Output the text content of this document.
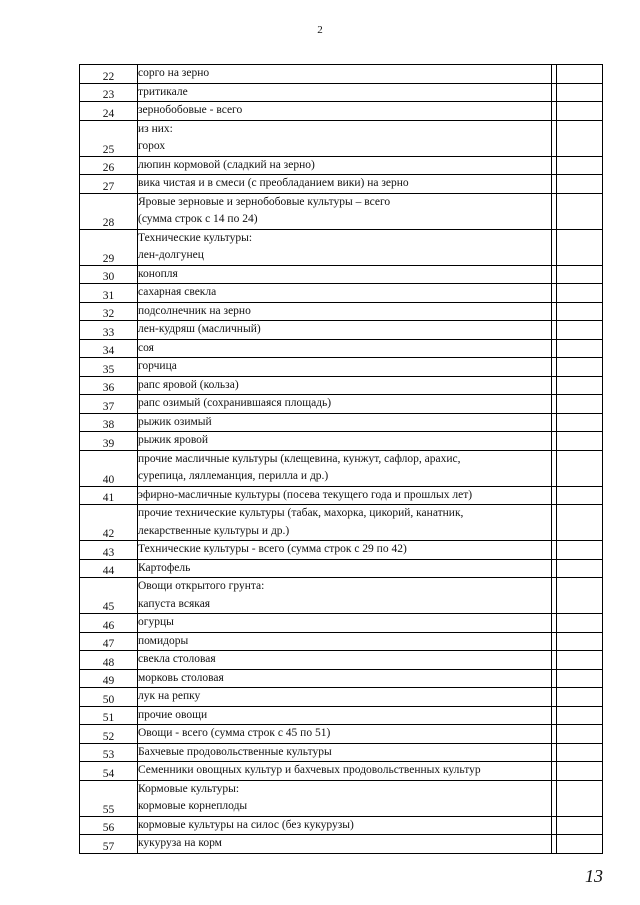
2
22	сорго на зерно		

23	тритикале		

24	зернобобовые - всего		

25	из них:
горох		

26	люпин кормовой (сладкий на зерно)		

27	вика чистая и в смеси (с преобладанием вики) на зерно		

28	Яровые зерновые и зернобобовые культуры – всего
(сумма строк с 14 по 24)		

29	Технические культуры:
лен-долгунец		

30	конопля		

31	сахарная свекла		

32	подсолнечник на зерно		

33	лен-кудряш (масличный)		

34	соя		

35	горчица		

36	рапс яровой (кольза)		

37	рапс озимый (сохранившаяся площадь)		

38	рыжик озимый		

39	рыжик яровой		

40	прочие масличные культуры (клещевина, кунжут, сафлор, арахис,
сурепица, ляллеманция, перилла и др.)		

41	эфирно-масличные культуры (посева текущего года и прошлых лет)		

42	прочие технические культуры (табак, махорка, цикорий, канатник,
лекарственные культуры и др.)		

43	Технические культуры - всего (сумма строк с 29 по 42)		

44	Картофель		

45	Овощи открытого грунта:
капуста всякая		

46	огурцы		

47	помидоры		

48	свекла столовая		

49	морковь столовая		

50	лук на репку		

51	прочие овощи		

52	Овощи - всего (сумма строк с 45 по 51)		

53	Бахчевые продовольственные культуры		

54	Семенники овощных культур и бахчевых продовольственных культур		

55	Кормовые культуры:
кормовые корнеплоды		

56	кормовые культуры на силос (без кукурузы)		

57	кукуруза на корм		

13
